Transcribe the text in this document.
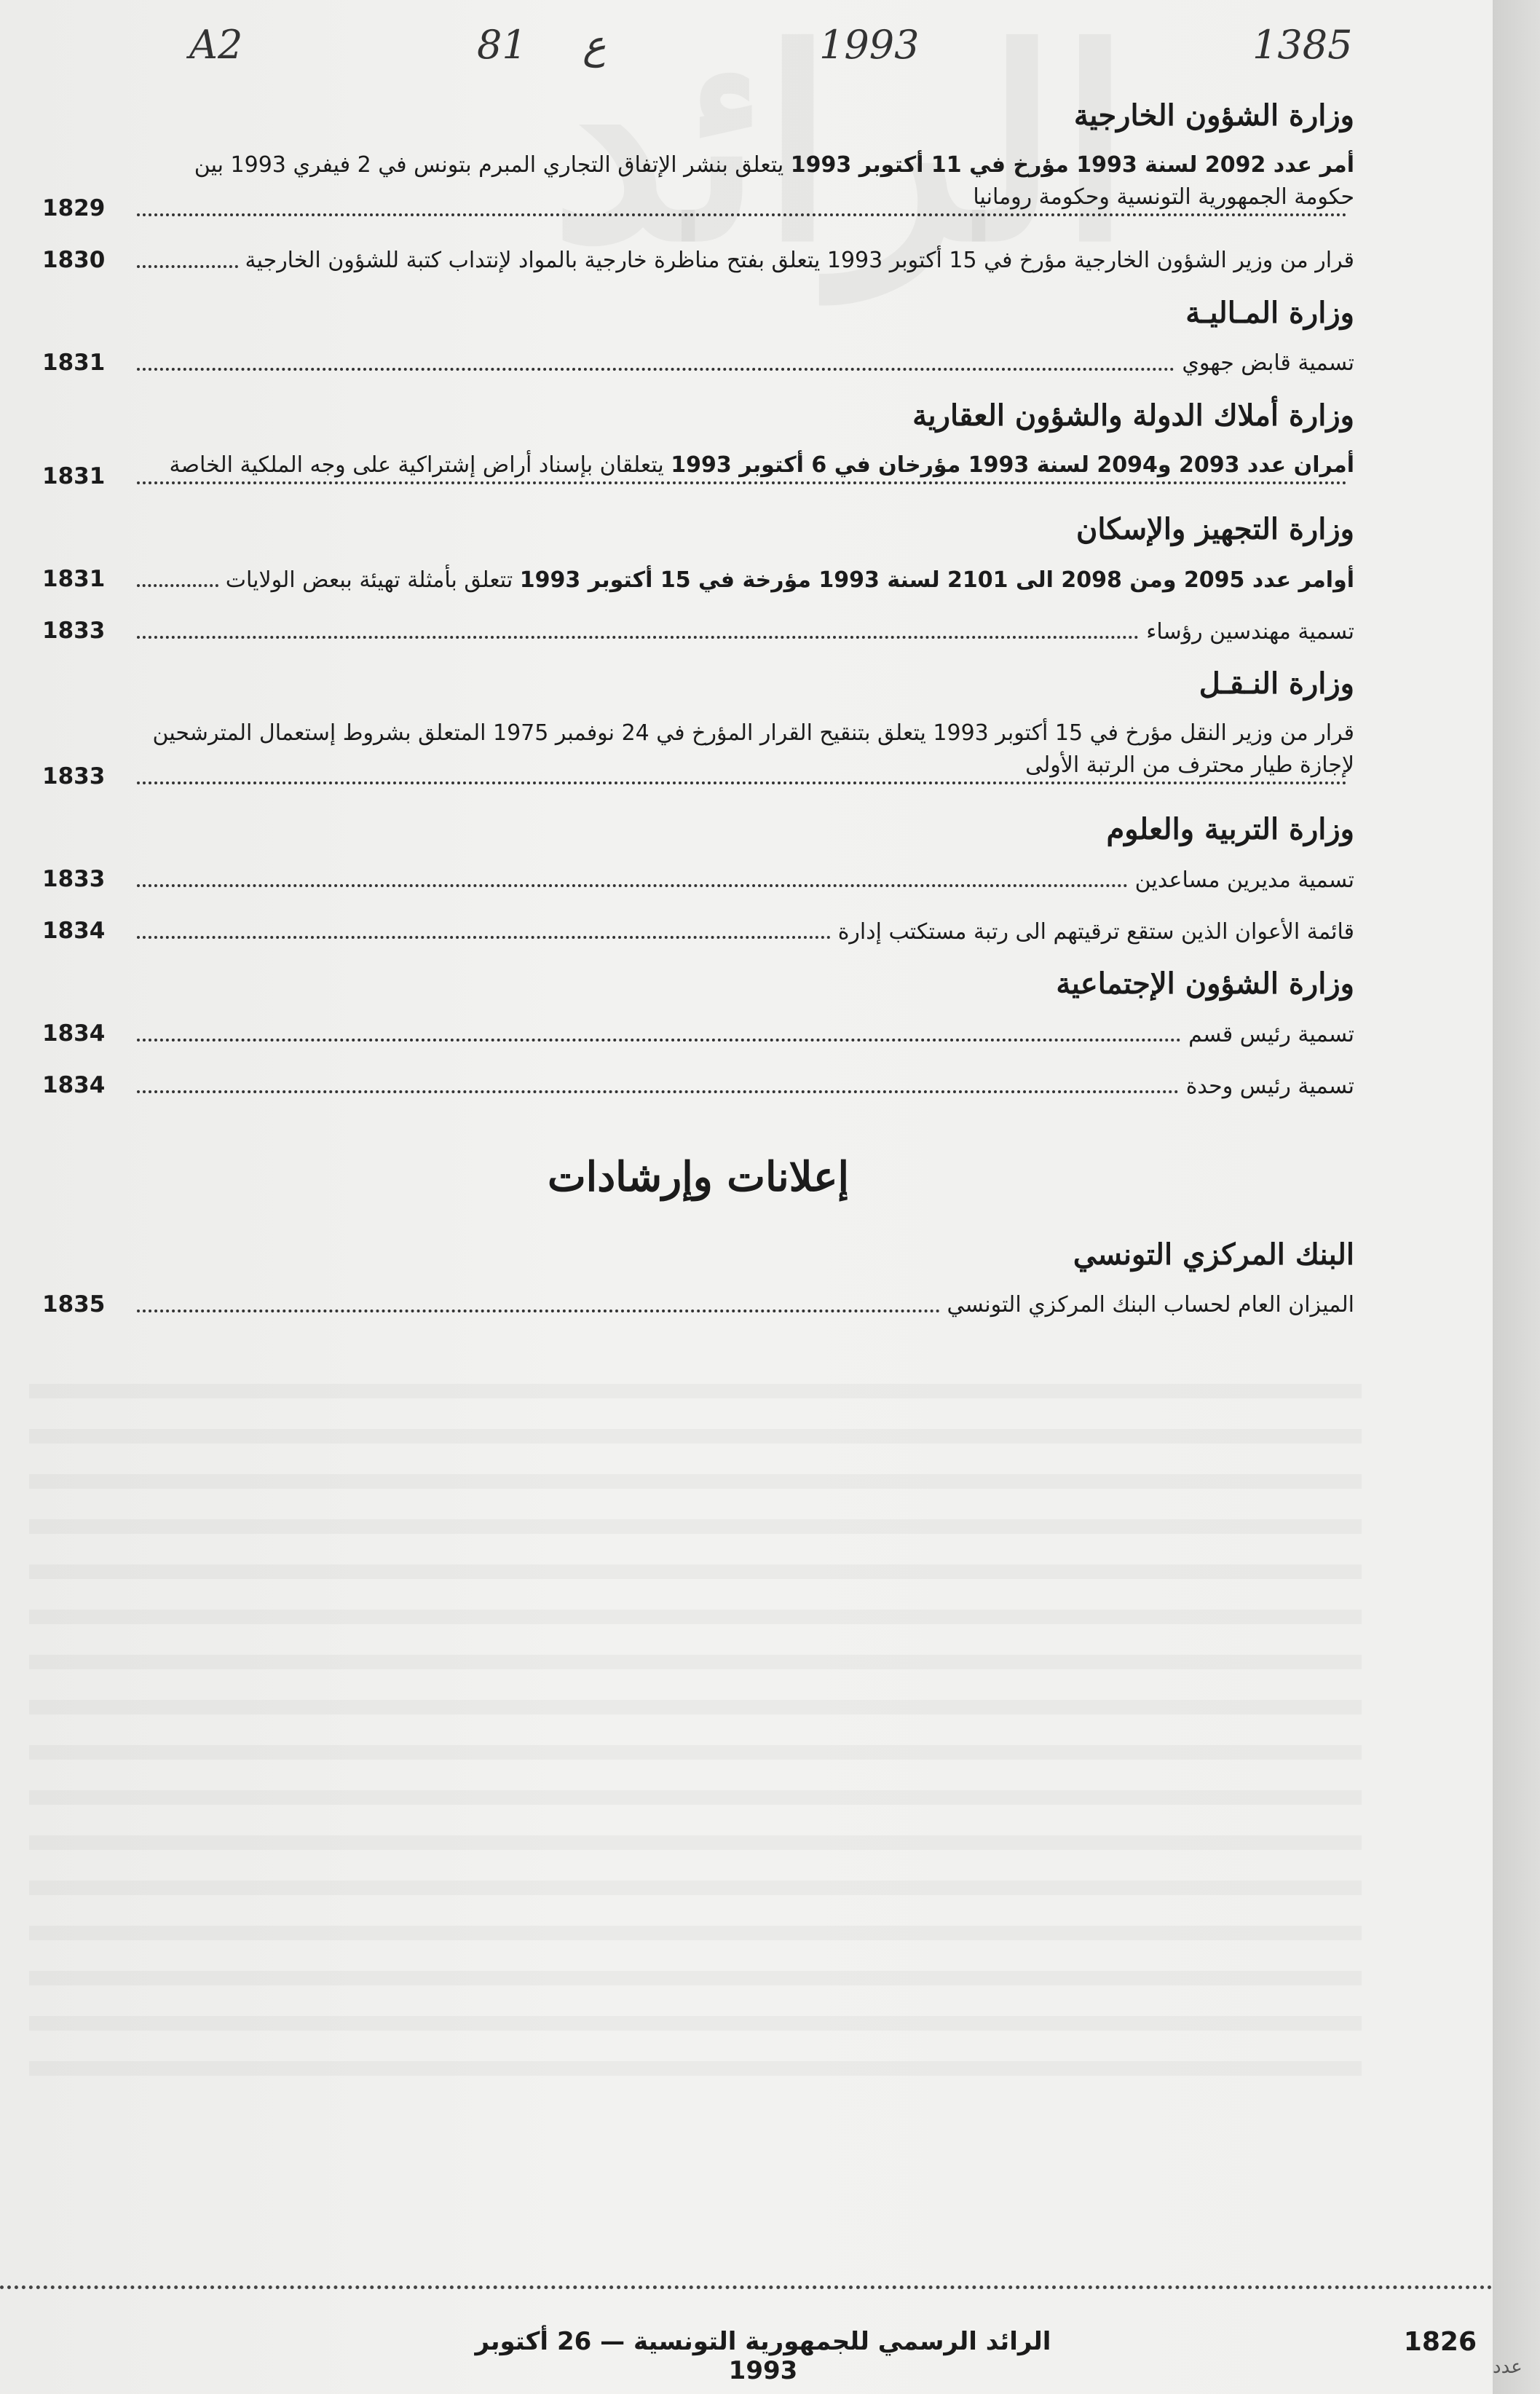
A2	81 ع	1993	1385
وزارة الشؤون الخارجية
أمر عدد 2092 لسنة 1993 مؤرخ في 11 أكتوبر 1993 يتعلق بنشر الإتفاق التجاري المبرم بتونس في 2 فيفري 1993 بين حكومة الجمهورية التونسية وحكومة رومانيا
1829
قرار من وزير الشؤون الخارجية مؤرخ في 15 أكتوبر 1993 يتعلق بفتح مناظرة خارجية بالمواد لإنتداب كتبة للشؤون الخارجية
1830
وزارة المـاليـة
تسمية قابض جهوي
1831
وزارة أملاك الدولة والشؤون العقارية
أمران عدد 2093 و2094 لسنة 1993 مؤرخان في 6 أكتوبر 1993 يتعلقان بإسناد أراض إشتراكية على وجه الملكية الخاصة
1831
وزارة التجهيز والإسكان
أوامر عدد 2095 ومن 2098 الى 2101 لسنة 1993 مؤرخة في 15 أكتوبر 1993 تتعلق بأمثلة تهيئة ببعض الولايات
1831
تسمية مهندسين رؤساء
1833
وزارة النـقـل
قرار من وزير النقل مؤرخ في 15 أكتوبر 1993 يتعلق بتنقيح القرار المؤرخ في 24 نوفمبر 1975 المتعلق بشروط إستعمال المترشحين لإجازة طيار محترف من الرتبة الأولى
1833
وزارة التربية والعلوم
تسمية مديرين مساعدين
1833
قائمة الأعوان الذين ستقع ترقيتهم الى رتبة مستكتب إدارة
1834
وزارة الشؤون الإجتماعية
تسمية رئيس قسم
1834
تسمية رئيس وحدة
1834
إعلانات وإرشادات
البنك المركزي التونسي
الميزان العام لحساب البنك المركزي التونسي
1835
الرائد الرسمي للجمهورية التونسية — 26 أكتوبر 1993
1826
عدد
